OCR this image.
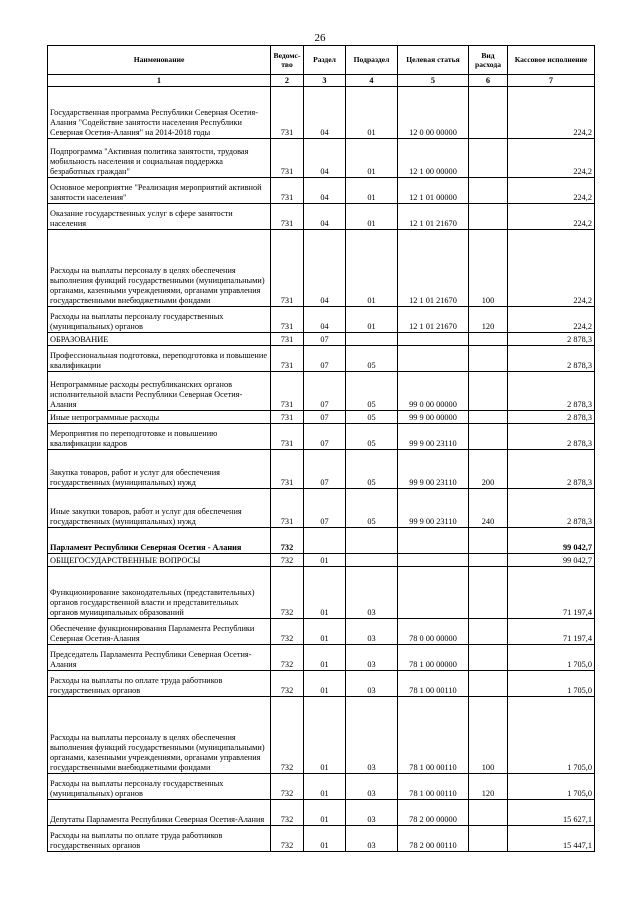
26
Наименование	Ведомс-тво	Раздел	Подраздел	Целевая статья	Вид расхода	Кассовое исполнение
1	2	3	4	5	6	7
Государственная программа Республики Северная Осетия-Алания "Содействие занятости населения Республики Северная Осетия-Алания" на 2014-2018 годы	731	04	01	12 0 00 00000		224,2
Подпрограмма "Активная политика занятости, трудовая мобильность населения и социальная поддержка безработных граждан"	731	04	01	12 1 00 00000		224,2
Основное мероприятие "Реализация мероприятий активной занятости населения"	731	04	01	12 1 01 00000		224,2
Оказание государственных услуг в сфере занятости населения	731	04	01	12 1 01 21670		224,2
Расходы на выплаты персоналу в целях обеспечения выполнения функций государственными (муниципальными) органами, казенными учреждениями, органами управления государственными внебюджетными фондами	731	04	01	12 1 01 21670	100	224,2
Расходы на выплаты персоналу государственных (муниципальных) органов	731	04	01	12 1 01 21670	120	224,2
ОБРАЗОВАНИЕ	731	07				2 878,3
Профессиональная подготовка, переподготовка и повышение квалификации	731	07	05			2 878,3
Непрограммные расходы республиканских органов исполнительной власти Республики Северная Осетия-Алания	731	07	05	99 0 00 00000		2 878,3
Иные непрограммные расходы	731	07	05	99 9 00 00000		2 878,3
Мероприятия по переподготовке и повышению квалификации кадров	731	07	05	99 9 00 23110		2 878,3
Закупка товаров, работ и услуг для обеспечения государственных (муниципальных) нужд	731	07	05	99 9 00 23110	200	2 878,3
Иные закупки товаров, работ и услуг для обеспечения государственных (муниципальных) нужд	731	07	05	99 9 00 23110	240	2 878,3
Парламент Республики Северная Осетия - Алания	732					99 042,7
ОБЩЕГОСУДАРСТВЕННЫЕ ВОПРОСЫ	732	01				99 042,7
Функционирование законодательных (представительных) органов государственной власти и представительных органов муниципальных образований	732	01	03			71 197,4
Обеспечение функционирования Парламента Республики Северная Осетия-Алания	732	01	03	78 0 00 00000		71 197,4
Председатель Парламента Республики Северная Осетия-Алания	732	01	03	78 1 00 00000		1 705,0
Расходы на выплаты по оплате труда работников государственных органов	732	01	03	78 1 00 00110		1 705,0
Расходы на выплаты персоналу в целях обеспечения выполнения функций государственными (муниципальными) органами, казенными учреждениями, органами управления государственными внебюджетными фондами	732	01	03	78 1 00 00110	100	1 705,0
Расходы на выплаты персоналу государственных (муниципальных) органов	732	01	03	78 1 00 00110	120	1 705,0
Депутаты Парламента Республики Северная Осетия-Алания	732	01	03	78 2 00 00000		15 627,1
Расходы на выплаты по оплате труда работников государственных органов	732	01	03	78 2 00 00110		15 447,1
